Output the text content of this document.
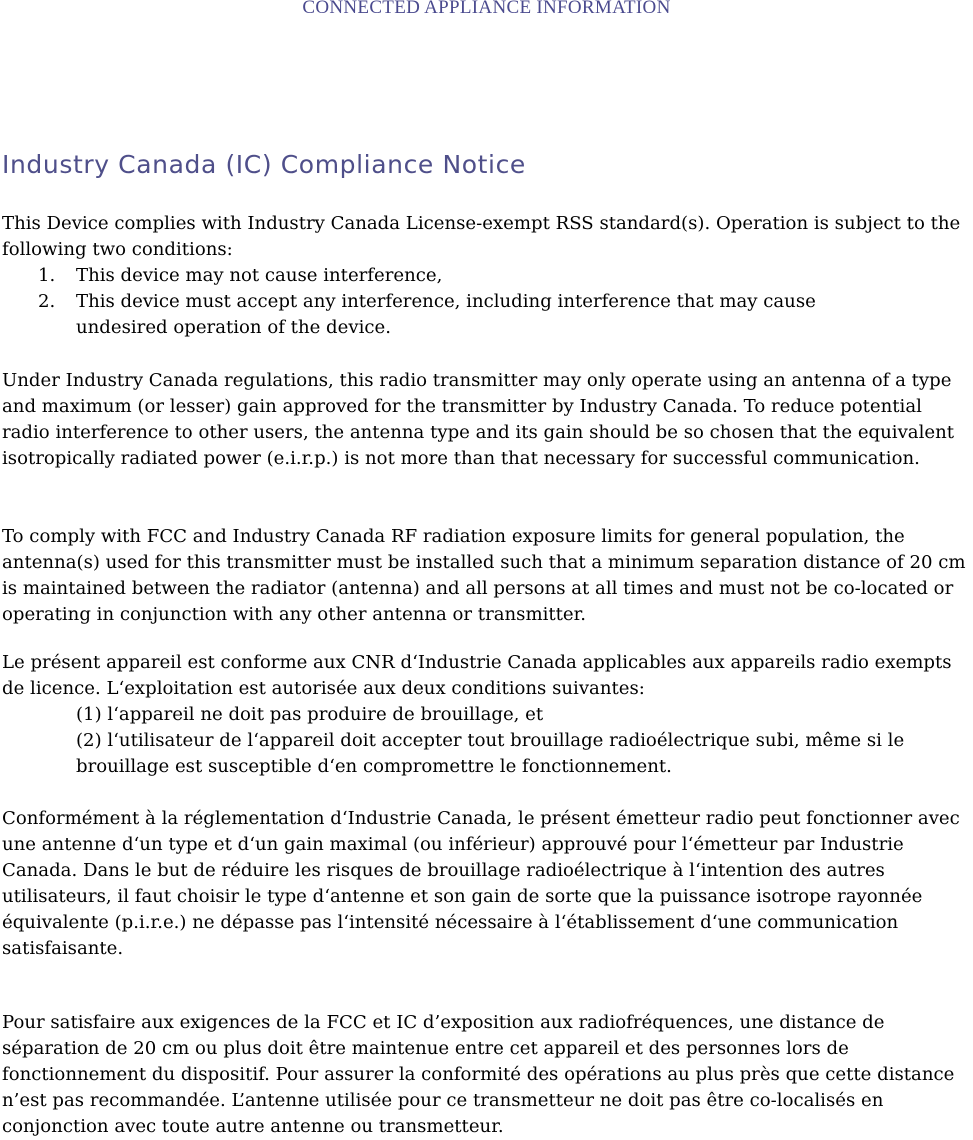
CONNECTED APPLIANCE INFORMATION
Industry Canada (IC) Compliance Notice

This Device complies with Industry Canada License-exempt RSS standard(s). Operation is subject to the following two conditions:

1. This device may not cause interference,
2. This device must accept any interference, including interference that may cause undesired operation of the device.

Under Industry Canada regulations, this radio transmitter may only operate using an antenna of a type and maximum (or lesser) gain approved for the transmitter by Industry Canada. To reduce potential radio interference to other users, the antenna type and its gain should be so chosen that the equivalent isotropically radiated power (e.i.r.p.) is not more than that necessary for successful communication.

To comply with FCC and Industry Canada RF radiation exposure limits for general population, the antenna(s) used for this transmitter must be installed such that a minimum separation distance of 20 cm is maintained between the radiator (antenna) and all persons at all times and must not be co-located or operating in conjunction with any other antenna or transmitter.

Le présent appareil est conforme aux CNR d‘Industrie Canada applicables aux appareils radio exempts de licence. L‘exploitation est autorisée aux deux conditions suivantes:

(1) l‘appareil ne doit pas produire de brouillage, et
(2) l‘utilisateur de l‘appareil doit accepter tout brouillage radioélectrique subi, même si le brouillage est susceptible d‘en compromettre le fonctionnement.

Conformément à la réglementation d‘Industrie Canada, le présent émetteur radio peut fonctionner avec une antenne d‘un type et d‘un gain maximal (ou inférieur) approuvé pour l‘émetteur par Industrie Canada. Dans le but de réduire les risques de brouillage radioélectrique à l‘intention des autres utilisateurs, il faut choisir le type d‘antenne et son gain de sorte que la puissance isotrope rayonnée équivalente (p.i.r.e.) ne dépasse pas l‘intensité nécessaire à l‘établissement d‘une communication satisfaisante.

Pour satisfaire aux exigences de la FCC et IC d’exposition aux radiofréquences, une distance de séparation de 20 cm ou plus doit être maintenue entre cet appareil et des personnes lors de fonctionnement du dispositif. Pour assurer la conformité des opérations au plus près que cette distance n’est pas recommandée. L’antenne utilisée pour ce transmetteur ne doit pas être co-localisés en conjonction avec toute autre antenne ou transmetteur.
